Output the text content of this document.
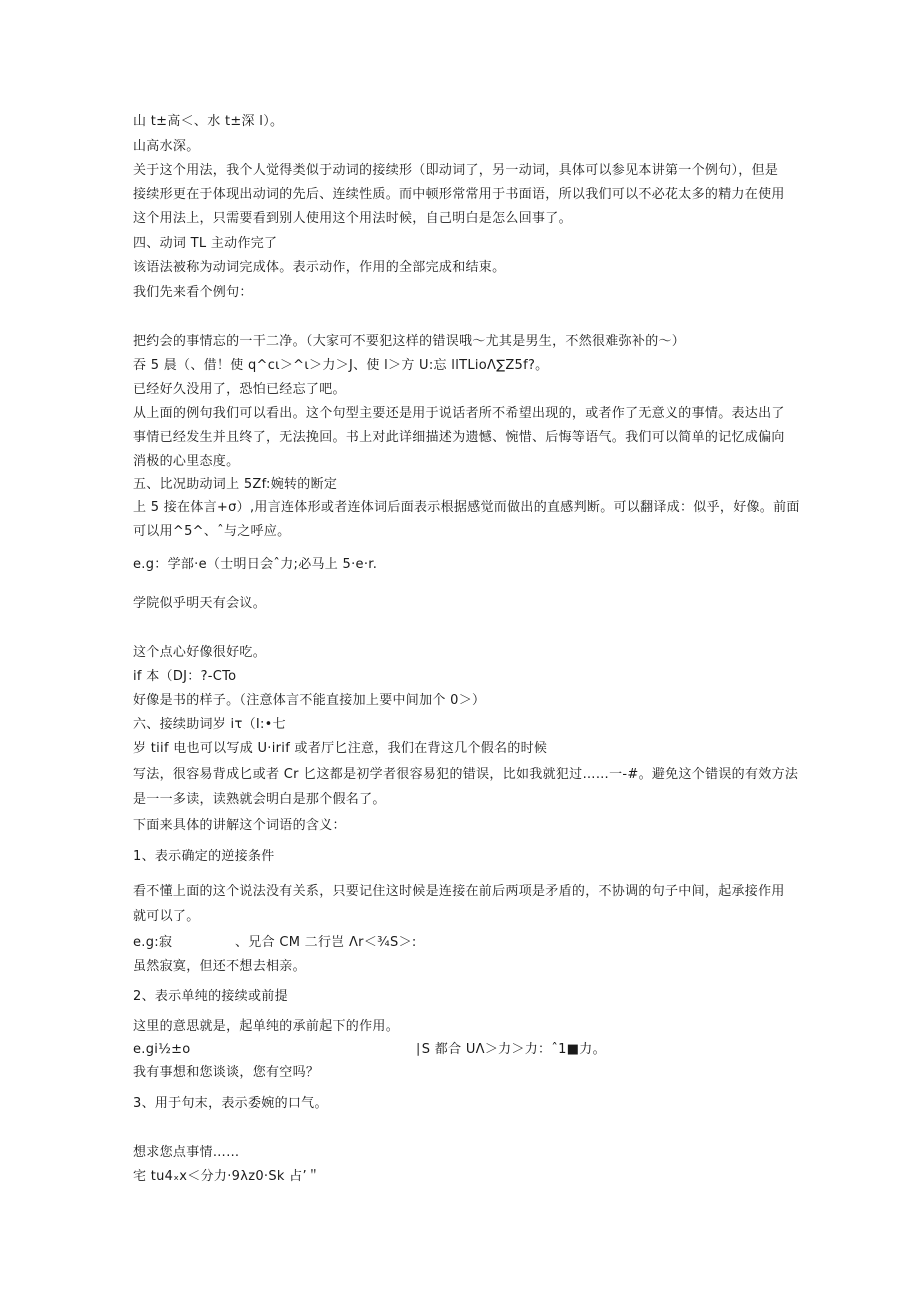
山 t±高＜、水 t±深 l）。
山高水深。
关于这个用法，我个人觉得类似于动词的接续形（即动词了，另一动词，具体可以参见本讲第一个例句），但是
接续形更在于体现出动词的先后、连续性质。而中顿形常常用于书面语，所以我们可以不必花太多的精力在使用
这个用法上，只需要看到别人使用这个用法时候，自己明白是怎么回事了。
四、动词 TL 主动作完了
该语法被称为动词完成体。表示动作，作用的全部完成和结束。
我们先来看个例句：
把约会的事情忘的一干二净。（大家可不要犯这样的错误哦～尤其是男生，不然很难弥补的～）
吞 5 晨（、借！使 q^cι＞^ι＞力＞J、使 l＞方 U:忘 llTLioΛ∑Z5f?。
已经好久没用了，恐怕已经忘了吧。
从上面的例句我们可以看出。这个句型主要还是用于说话者所不希望出现的，或者作了无意义的事情。表达出了
事情已经发生并且终了，无法挽回。书上对此详细描述为遗憾、惋惜、后悔等语气。我们可以简单的记忆成偏向
消极的心里态度。
五、比况助动词上 5Zf:婉转的断定
上 5 接在体言+σ）,用言连体形或者连体词后面表示根据感觉而做出的直感判断。可以翻译成：似乎，好像。前面
可以用^5^、ˆ与之呼应。
e.g：学部·e（士明日会ˆ力;必马上 5·e·r.
学院似乎明天有会议。
这个点心好像很好吃。
if 本（DJ：?-CTo
好像是书的样子。（注意体言不能直接加上要中间加个 0＞）
六、接续助词岁 iτ（I:•七
岁 tiif 电也可以写成 U·irif 或者厅匕注意，我们在背这几个假名的时候
写法，很容易背成匕或者 Cr 匕这都是初学者很容易犯的错误，比如我就犯过……一-#。避免这个错误的有效方法
是一一多读，读熟就会明白是那个假名了。
下面来具体的讲解这个词语的含义：
1、表示确定的逆接条件
看不懂上面的这个说法没有关系，只要记住这时候是连接在前后两项是矛盾的，不协调的句子中间，起承接作用
就可以了。
e.g:寂	、兄合 CM 二行岂 Λr＜¾S＞:
虽然寂寞，但还不想去相亲。
2、表示单纯的接续或前提
这里的意思就是，起单纯的承前起下的作用。
e.gi½±o	∣S 都合 UΛ＞力＞力：ˆ1■力。
我有事想和您谈谈，您有空吗？
3、用于句末，表示委婉的口气。
想求您点事情……
宅 tu4ₓx＜分力·9λz0·Sk 占’＂
